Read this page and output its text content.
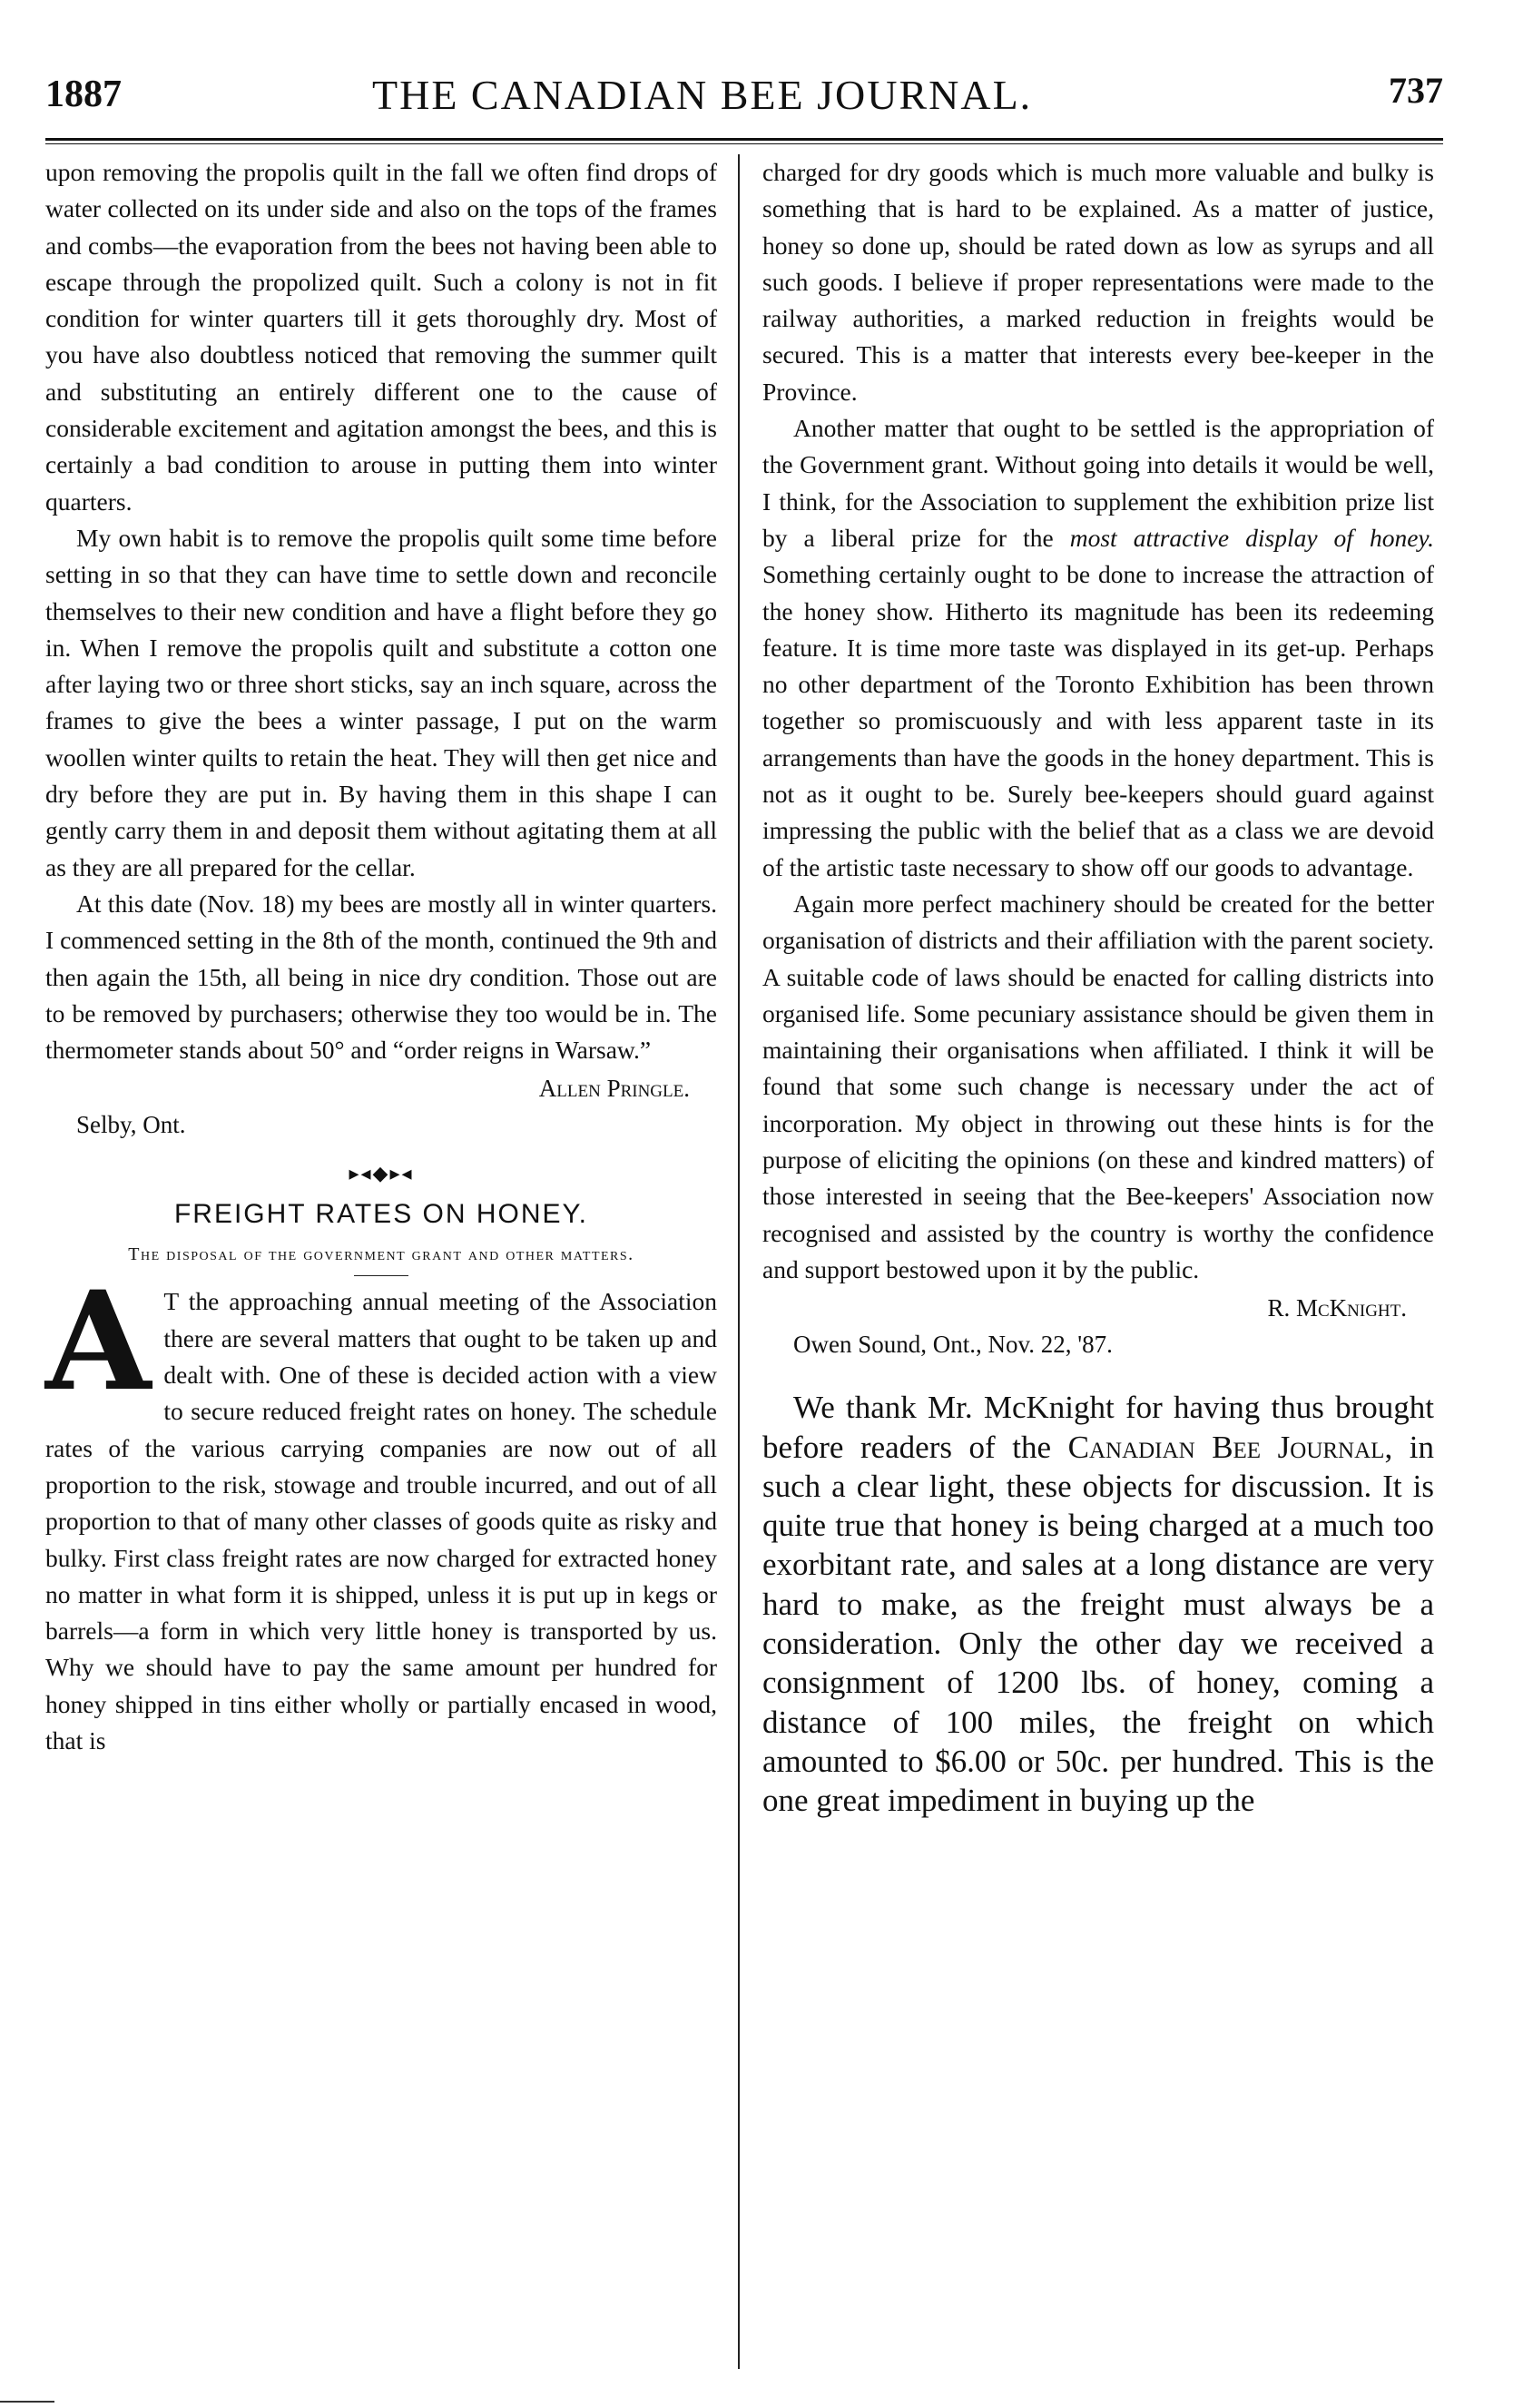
1887	THE CANADIAN BEE JOURNAL.	737

upon removing the propolis quilt in the fall we often find drops of water collected on its under side and also on the tops of the frames and combs—the evaporation from the bees not having been able to escape through the propolized quilt. Such a colony is not in fit condition for winter quarters till it gets thoroughly dry. Most of you have also doubtless noticed that removing the summer quilt and substituting an entirely different one to the cause of considerable excitement and agitation amongst the bees, and this is certainly a bad condition to arouse in putting them into winter quarters.

My own habit is to remove the propolis quilt some time before setting in so that they can have time to settle down and reconcile themselves to their new condition and have a flight before they go in. When I remove the propolis quilt and substitute a cotton one after laying two or three short sticks, say an inch square, across the frames to give the bees a winter passage, I put on the warm woollen winter quilts to retain the heat. They will then get nice and dry before they are put in. By having them in this shape I can gently carry them in and deposit them without agitating them at all as they are all prepared for the cellar.

At this date (Nov. 18) my bees are mostly all in winter quarters. I commenced setting in the 8th of the month, continued the 9th and then again the 15th, all being in nice dry condition. Those out are to be removed by purchasers; otherwise they too would be in. The thermometer stands about 50° and “order reigns in Warsaw.”

Allen Pringle.
Selby, Ont.
▸◂◆▸◂
FREIGHT RATES ON HONEY.
The disposal of the government grant and other matters.
A T the approaching annual meeting of the Association there are several matters that ought to be taken up and dealt with. One of these is decided action with a view to secure reduced freight rates on honey. The schedule rates of the various carrying companies are now out of all proportion to the risk, stowage and trouble incurred, and out of all proportion to that of many other classes of goods quite as risky and bulky. First class freight rates are now charged for extracted honey no matter in what form it is shipped, unless it is put up in kegs or barrels—a form in which very little honey is transported by us. Why we should have to pay the same amount per hundred for honey shipped in tins either wholly or partially encased in wood, that is

charged for dry goods which is much more valuable and bulky is something that is hard to be explained. As a matter of justice, honey so done up, should be rated down as low as syrups and all such goods. I believe if proper representations were made to the railway authorities, a marked reduction in freights would be secured. This is a matter that interests every bee-keeper in the Province.

Another matter that ought to be settled is the appropriation of the Government grant. Without going into details it would be well, I think, for the Association to supplement the exhibition prize list by a liberal prize for the most attractive display of honey. Something certainly ought to be done to increase the attraction of the honey show. Hitherto its magnitude has been its redeeming feature. It is time more taste was displayed in its get-up. Perhaps no other department of the Toronto Exhibition has been thrown together so promiscuously and with less apparent taste in its arrangements than have the goods in the honey department. This is not as it ought to be. Surely bee-keepers should guard against impressing the public with the belief that as a class we are devoid of the artistic taste necessary to show off our goods to advantage.

Again more perfect machinery should be created for the better organisation of districts and their affiliation with the parent society. A suitable code of laws should be enacted for calling districts into organised life. Some pecuniary assistance should be given them in maintaining their organisations when affiliated. I think it will be found that some such change is necessary under the act of incorporation. My object in throwing out these hints is for the purpose of eliciting the opinions (on these and kindred matters) of those interested in seeing that the Bee-keepers' Association now recognised and assisted by the country is worthy the confidence and support bestowed upon it by the public.

R. McKnight.
Owen Sound, Ont., Nov. 22, '87.

We thank Mr. McKnight for having thus brought before readers of the Canadian Bee Journal, in such a clear light, these objects for discussion. It is quite true that honey is being charged at a much too exorbitant rate, and sales at a long distance are very hard to make, as the freight must always be a consideration. Only the other day we received a consignment of 1200 lbs. of honey, coming a distance of 100 miles, the freight on which amounted to $6.00 or 50c. per hundred. This is the one great impediment in buying up the
